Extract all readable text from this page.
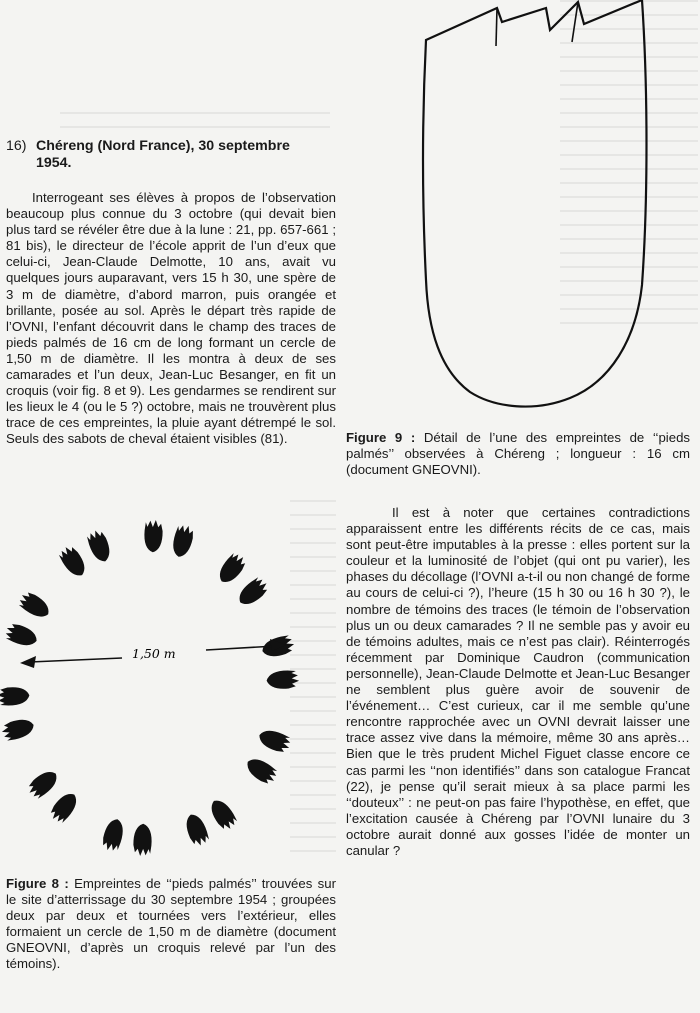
16) Chéreng (Nord France), 30 septembre
1954.

Interrogeant ses élèves à propos de l’observation beaucoup plus connue du 3 octobre (qui devait bien plus tard se révéler être due à la lune : 21, pp. 657-661 ; 81 bis), le directeur de l’école apprit de l’un d’eux que celui-ci, Jean-Claude Delmotte, 10 ans, avait vu quelques jours auparavant, vers 15 h 30, une spère de 3 m de diamètre, d’abord marron, puis orangée et brillante, posée au sol. Après le départ très rapide de l’OVNI, l’enfant découvrit dans le champ des traces de pieds palmés de 16 cm de long formant un cercle de 1,50 m de diamètre. Il les montra à deux de ses camarades et l’un deux, Jean-Luc Besanger, en fit un croquis (voir fig. 8 et 9). Les gendarmes se rendirent sur les lieux le 4 (ou le 5 ?) octobre, mais ne trouvèrent plus trace de ces empreintes, la pluie ayant détrempé le sol. Seuls des sabots de cheval étaient visibles (81).

1,50 m
Figure 8 : Empreintes de ‘‘pieds palmés’’ trouvées sur le site d’atterrissage du 30 septembre 1954 ; groupées deux par deux et tournées vers l’extérieur, elles formaient un cercle de 1,50 m de diamètre (document GNEOVNI, d’après un croquis relevé par l’un des témoins).
Figure 9 : Détail de l’une des empreintes de ‘‘pieds palmés’’ observées à Chéreng ; longueur : 16 cm (document GNEOVNI).

Il est à noter que certaines contradictions apparaissent entre les différents récits de ce cas, mais sont peut-être imputables à la presse : elles portent sur la couleur et la luminosité de l’objet (qui ont pu varier), les phases du décollage (l’OVNI a-t-il ou non changé de forme au cours de celui-ci ?), l’heure (15 h 30 ou 16 h 30 ?), le nombre de témoins des traces (le témoin de l’observation plus un ou deux camarades ? Il ne semble pas y avoir eu de témoins adultes, mais ce n’est pas clair). Réinterrogés récemment par Dominique Caudron (communication personnelle), Jean-Claude Delmotte et Jean-Luc Besanger ne semblent plus guère avoir de souvenir de l’événement… C’est curieux, car il me semble qu’une rencontre rapprochée avec un OVNI devrait laisser une trace assez vive dans la mémoire, même 30 ans après… Bien que le très prudent Michel Figuet classe encore ce cas parmi les ‘‘non identifiés’’ dans son catalogue Francat (22), je pense qu’il serait mieux à sa place parmi les ‘‘douteux’’ : ne peut-on pas faire l’hypothèse, en effet, que l’excitation causée à Chéreng par l’OVNI lunaire du 3 octobre aurait donné aux gosses l’idée de monter un canular ?
